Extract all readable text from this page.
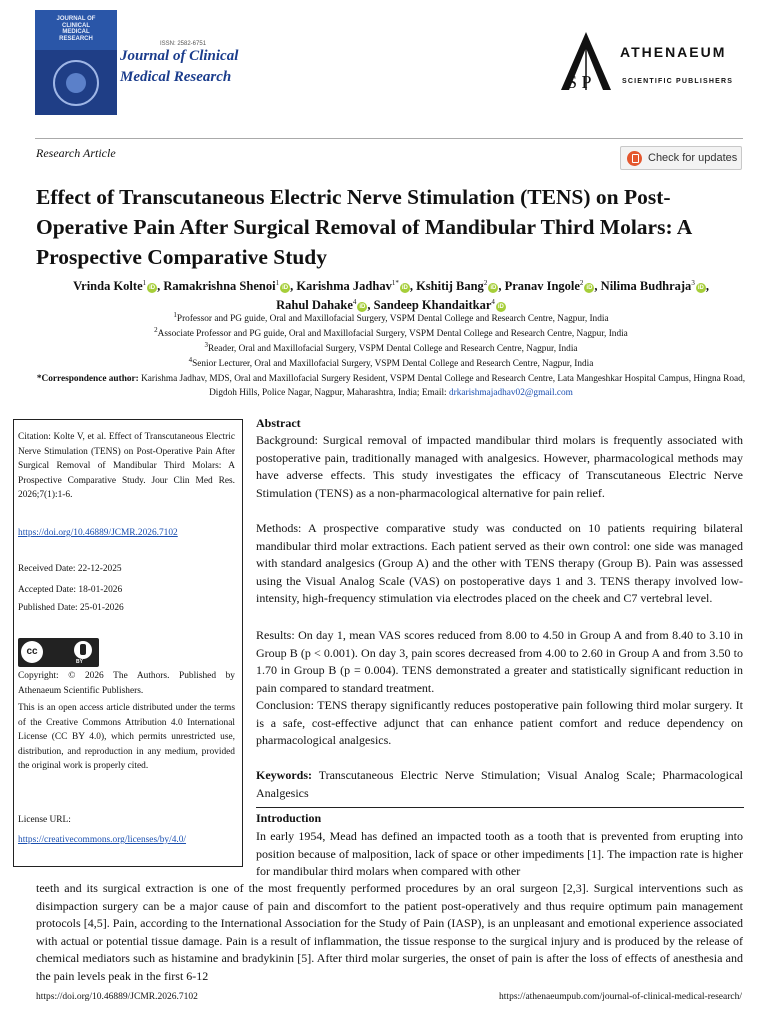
JOURNAL OF
CLINICAL
MEDICAL
RESEARCH
ISSN: 2582-6751
Journal of Clinical
Medical Research	S P
ATHENAEUM
SCIENTIFIC PUBLISHERS
Research Article	Check for updates
Effect of Transcutaneous Electric Nerve Stimulation (TENS) on Post-Operative Pain After Surgical Removal of Mandibular Third Molars: A Prospective Comparative Study
Vrinda Kolte$^1$iD , Ramakrishna Shenoi$^1$iD , Karishma Jadhav$^{1*}$iD , Kshitij Bang$^2$iD , Pranav Ingole$^2$iD , Nilima Budhraja$^3$iD ,
Rahul Dahake$^4$iD , Sandeep Khandaitkar$^4$iD
$^1$Professor and PG guide, Oral and Maxillofacial Surgery, VSPM Dental College and Research Centre, Nagpur, India
$^2$Associate Professor and PG guide, Oral and Maxillofacial Surgery, VSPM Dental College and Research Centre, Nagpur, India
$^3$Reader, Oral and Maxillofacial Surgery, VSPM Dental College and Research Centre, Nagpur, India
$^4$Senior Lecturer, Oral and Maxillofacial Surgery, VSPM Dental College and Research Centre, Nagpur, India
*Correspondence author: Karishma Jadhav, MDS, Oral and Maxillofacial Surgery Resident, VSPM Dental College and Research Centre, Lata Mangeshkar Hospital Campus, Hingna Road, Digdoh Hills, Police Nagar, Nagpur, Maharashtra, India; Email: drkarishmajadhav02@gmail.com
Citation: Kolte V, et al. Effect of Transcutaneous Electric Nerve Stimulation (TENS) on Post-Operative Pain After Surgical Removal of Mandibular Third Molars: A Prospective Comparative Study. Jour Clin Med Res. 2026;7(1):1-6.
https://doi.org/10.46889/JCMR.2026.7102
Received Date: 22-12-2025
Accepted Date: 18-01-2026
Published Date: 25-01-2026
cc
BY
Copyright: © 2026 The Authors. Published by Athenaeum Scientific Publishers.
This is an open access article distributed under the terms of the Creative Commons Attribution 4.0 International License (CC BY 4.0), which permits unrestricted use, distribution, and reproduction in any medium, provided the original work is properly cited.
License URL:
https://creativecommons.org/licenses/by/4.0/
Abstract
Background: Surgical removal of impacted mandibular third molars is frequently associated with postoperative pain, traditionally managed with analgesics. However, pharmacological methods may have adverse effects. This study investigates the efficacy of Transcutaneous Electric Nerve Stimulation (TENS) as a non-pharmacological alternative for pain relief.
Methods: A prospective comparative study was conducted on 10 patients requiring bilateral mandibular third molar extractions. Each patient served as their own control: one side was managed with standard analgesics (Group A) and the other with TENS therapy (Group B). Pain was assessed using the Visual Analog Scale (VAS) on postoperative days 1 and 3. TENS therapy involved low-intensity, high-frequency stimulation via electrodes placed on the cheek and C7 vertebral level.
Results: On day 1, mean VAS scores reduced from 8.00 to 4.50 in Group A and from 8.40 to 3.10 in Group B (p < 0.001). On day 3, pain scores decreased from 4.00 to 2.60 in Group A and from 3.50 to 1.70 in Group B (p = 0.004). TENS demonstrated a greater and statistically significant reduction in pain compared to standard treatment.
Conclusion: TENS therapy significantly reduces postoperative pain following third molar surgery. It is a safe, cost-effective adjunct that can enhance patient comfort and reduce dependency on pharmacological analgesics.
Keywords: Transcutaneous Electric Nerve Stimulation; Visual Analog Scale; Pharmacological Analgesics
Introduction
In early 1954, Mead has defined an impacted tooth as a tooth that is prevented from erupting into position because of malposition, lack of space or other impediments [1]. The impaction rate is higher for mandibular third molars when compared with other
teeth and its surgical extraction is one of the most frequently performed procedures by an oral surgeon [2,3]. Surgical interventions such as disimpaction surgery can be a major cause of pain and discomfort to the patient post-operatively and thus require optimum pain management protocols [4,5]. Pain, according to the International Association for the Study of Pain (IASP), is an unpleasant and emotional experience associated with actual or potential tissue damage. Pain is a result of inflammation, the tissue response to the surgical injury and is produced by the release of chemical mediators such as histamine and bradykinin [5]. After third molar surgeries, the onset of pain is after the loss of effects of anesthesia and the pain levels peak in the first 6-12
https://doi.org/10.46889/JCMR.2026.7102	https://athenaeumpub.com/journal-of-clinical-medical-research/
